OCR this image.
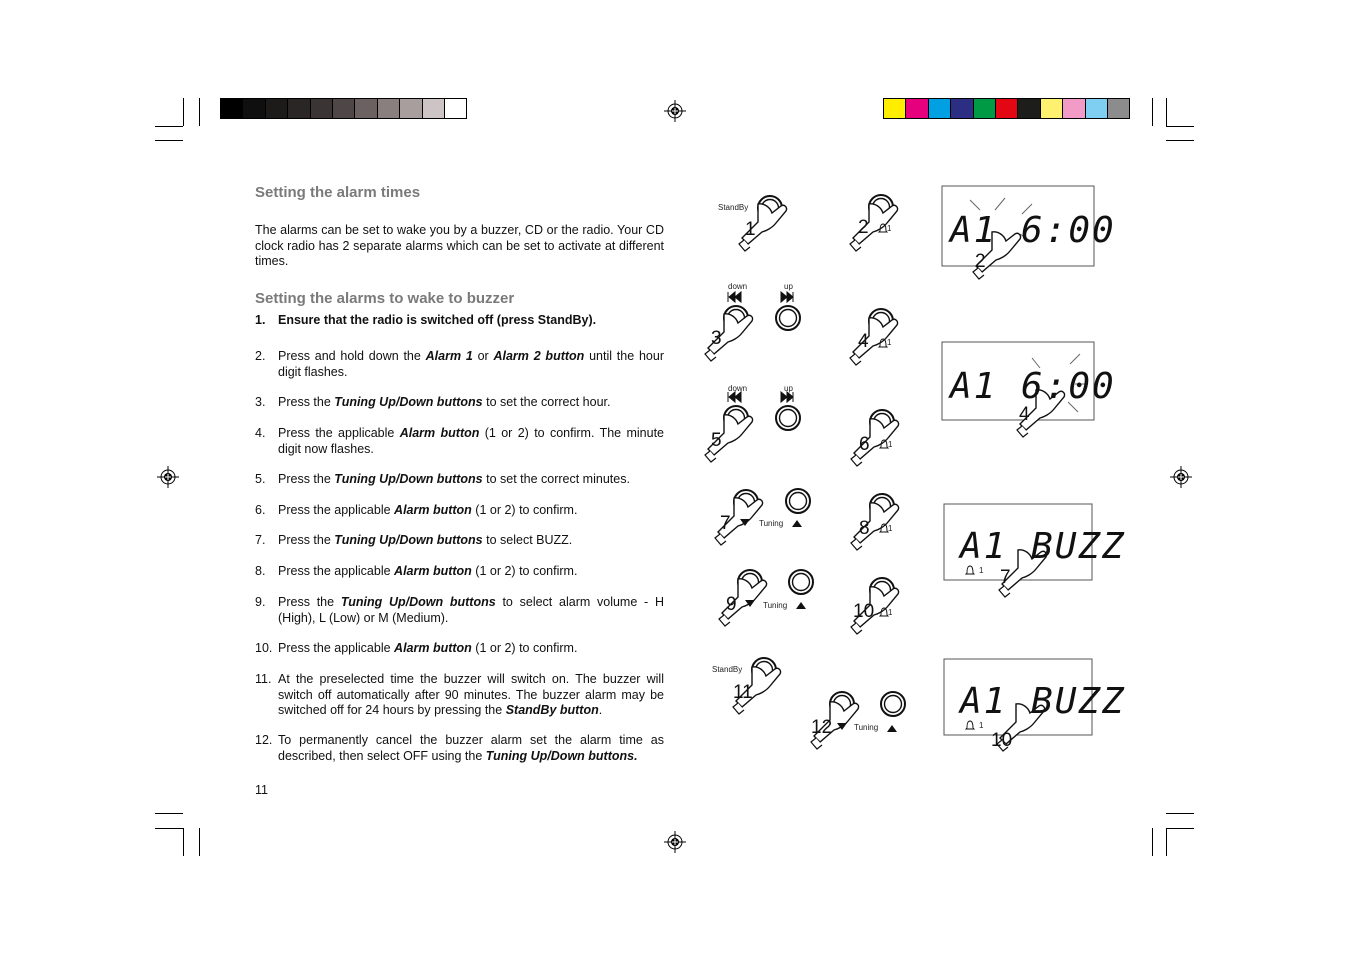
Setting the alarm times
The alarms can be set to wake you by a buzzer, CD or the radio. Your CD clock radio has 2 separate alarms which can be set to activate at different times.
Setting the alarms to wake to buzzer
1. Ensure that the radio is switched off (press StandBy).
2. Press and hold down the Alarm 1 or Alarm 2 button until the hour digit flashes.
3. Press the Tuning Up/Down buttons to set the correct hour.
4. Press the applicable Alarm button (1 or 2) to confirm. The minute digit now flashes.
5. Press the Tuning Up/Down buttons to set the correct minutes.
6. Press the applicable Alarm button (1 or 2) to confirm.
7. Press the Tuning Up/Down buttons to select BUZZ.
8. Press the applicable Alarm button (1 or 2) to confirm.
9. Press the Tuning Up/Down buttons to select alarm volume - H (High), L (Low) or M (Medium).
10. Press the applicable Alarm button (1 or 2) to confirm.
11. At the preselected time the buzzer will switch on. The buzzer will switch off automatically after 90 minutes. The buzzer alarm may be switched off for 24 hours by pressing the StandBy button.
12. To permanently cancel the buzzer alarm set the alarm time as described, then select OFF using the Tuning Up/Down buttons.
11
A1 6:00
A1 6:00
A1 BUZZ
A1 BUZZ
StandBy
down	up
down	up
Tuning
Tuning
StandBy
Tuning
1
1
1
1
1
1
1
1	2
3	4
5	6
7	8
9	10
11
12
2
4
7
10
